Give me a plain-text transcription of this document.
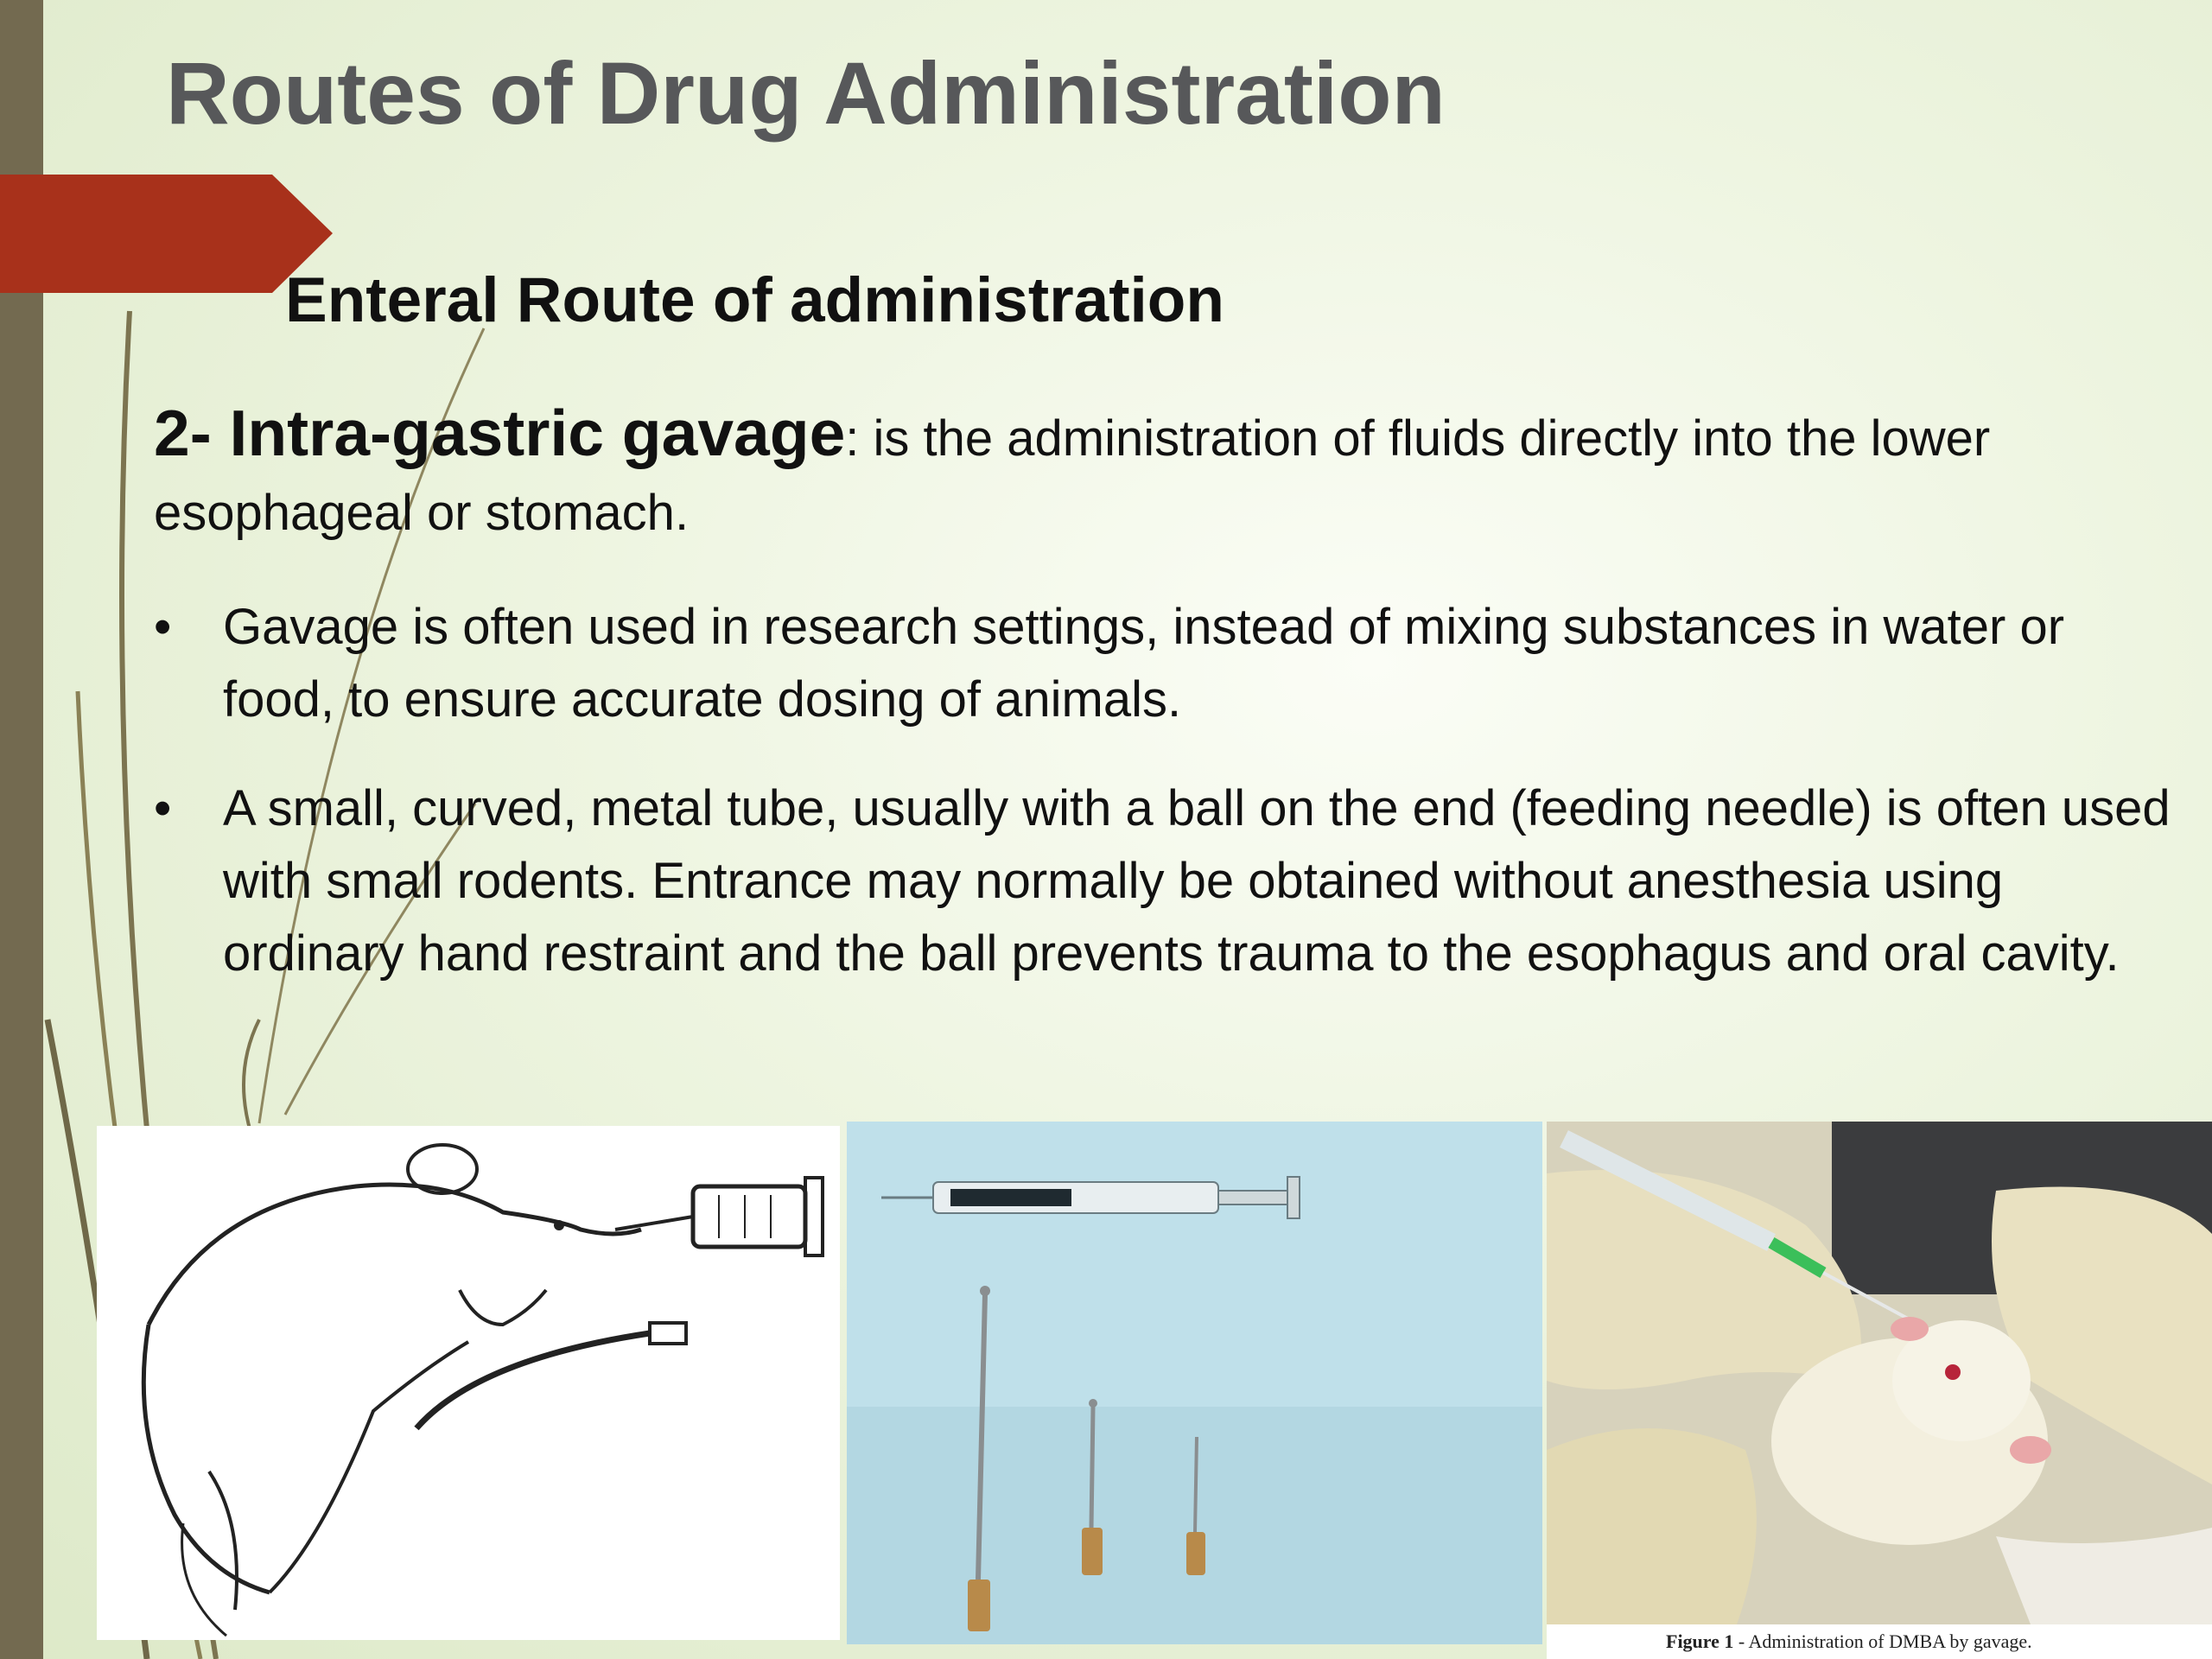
Routes of Drug Administration
Enteral Route of administration

2- Intra-gastric gavage: is the administration of fluids directly into the lower esophageal or stomach.

• Gavage is often used in research settings, instead of mixing substances in water or food, to ensure accurate dosing of animals.
• A small, curved, metal tube, usually with a ball on the end (feeding needle) is often used with small rodents. Entrance may normally be obtained without anesthesia using ordinary hand restraint and the ball prevents trauma to the esophagus and oral cavity.

Figure 1 - Administration of DMBA by gavage.
